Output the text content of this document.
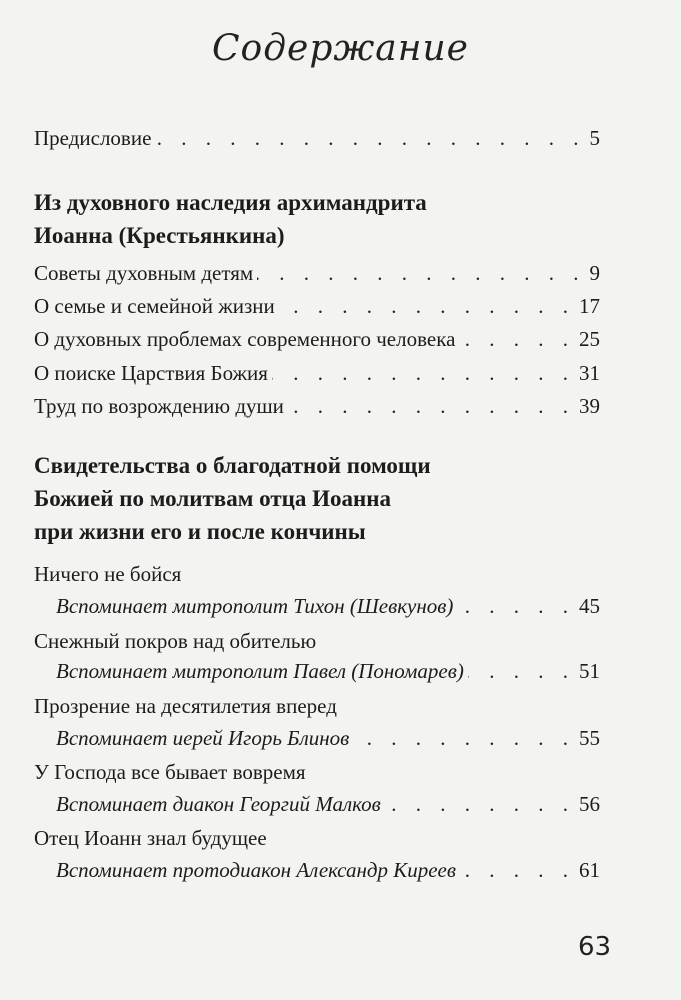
Содержание
Предисловие . . .	5
Из духовного наследия архимандрита
Иоанна (Крестьянкина)
Советы духовным детям . . .	9
О семье и семейной жизни . . .	17
О духовных проблемах современного человека . . .	25
О поиске Царствия Божия . . .	31
Труд по возрождению души . . .	39
Свидетельства о благодатной помощи
Божией по молитвам отца Иоанна
при жизни его и после кончины
Ничего не бойся
Вспоминает митрополит Тихон (Шевкунов) . . .	45
Снежный покров над обителью
Вспоминает митрополит Павел (Пономарев) . . .	51
Прозрение на десятилетия вперед
Вспоминает иерей Игорь Блинов . . .	55
У Господа все бывает вовремя
Вспоминает диакон Георгий Малков . . .	56
Отец Иоанн знал будущее
Вспоминает протодиакон Александр Киреев . . .	61
63
